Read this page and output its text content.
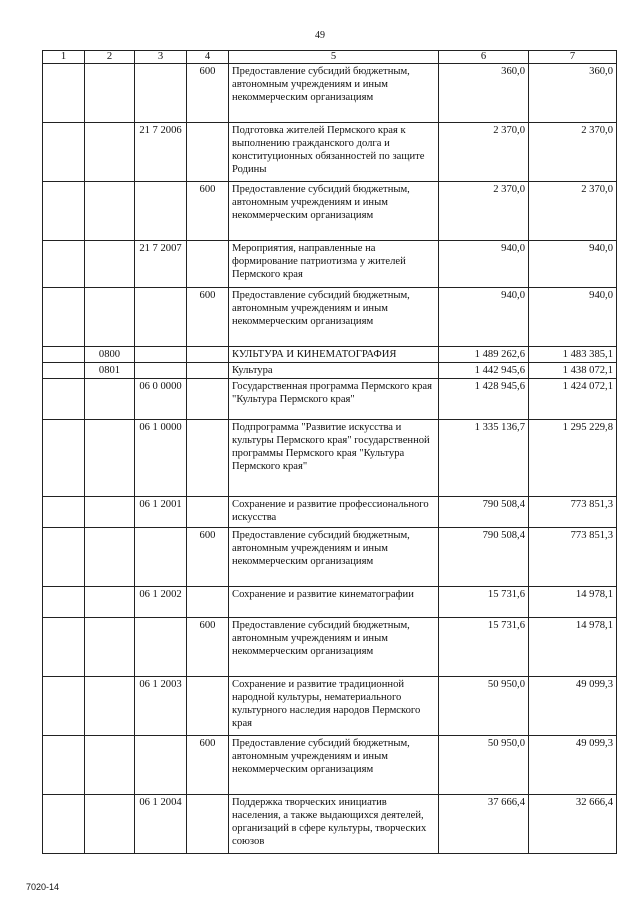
49
1	2	3	4	5	6	7
			600	Предоставление субсидий бюджетным, автономным учреждениям и иным некоммерческим организациям	360,0	360,0
		21 7 2006		Подготовка жителей Пермского края к выполнению гражданского долга и конституционных обязанностей по защите Родины	2 370,0	2 370,0
			600	Предоставление субсидий бюджетным, автономным учреждениям и иным некоммерческим организациям	2 370,0	2 370,0
		21 7 2007		Мероприятия, направленные на формирование патриотизма у жителей Пермского края	940,0	940,0
			600	Предоставление субсидий бюджетным, автономным учреждениям и иным некоммерческим организациям	940,0	940,0
	0800			КУЛЬТУРА И КИНЕМАТОГРАФИЯ	1 489 262,6	1 483 385,1
	0801			Культура	1 442 945,6	1 438 072,1
		06 0 0000		Государственная программа Пермского края "Культура Пермского края"	1 428 945,6	1 424 072,1
		06 1 0000		Подпрограмма "Развитие искусства и культуры Пермского края" государственной программы Пермского края "Культура Пермского края"	1 335 136,7	1 295 229,8
		06 1 2001		Сохранение и развитие профессионального искусства	790 508,4	773 851,3
			600	Предоставление субсидий бюджетным, автономным учреждениям и иным некоммерческим организациям	790 508,4	773 851,3
		06 1 2002		Сохранение и развитие кинематографии	15 731,6	14 978,1
			600	Предоставление субсидий бюджетным, автономным учреждениям и иным некоммерческим организациям	15 731,6	14 978,1
		06 1 2003		Сохранение и развитие традиционной народной культуры, нематериального культурного наследия народов Пермского края	50 950,0	49 099,3
			600	Предоставление субсидий бюджетным, автономным учреждениям и иным некоммерческим организациям	50 950,0	49 099,3
		06 1 2004		Поддержка творческих инициатив населения, а также выдающихся деятелей, организаций в сфере культуры, творческих союзов	37 666,4	32 666,4
7020-14
